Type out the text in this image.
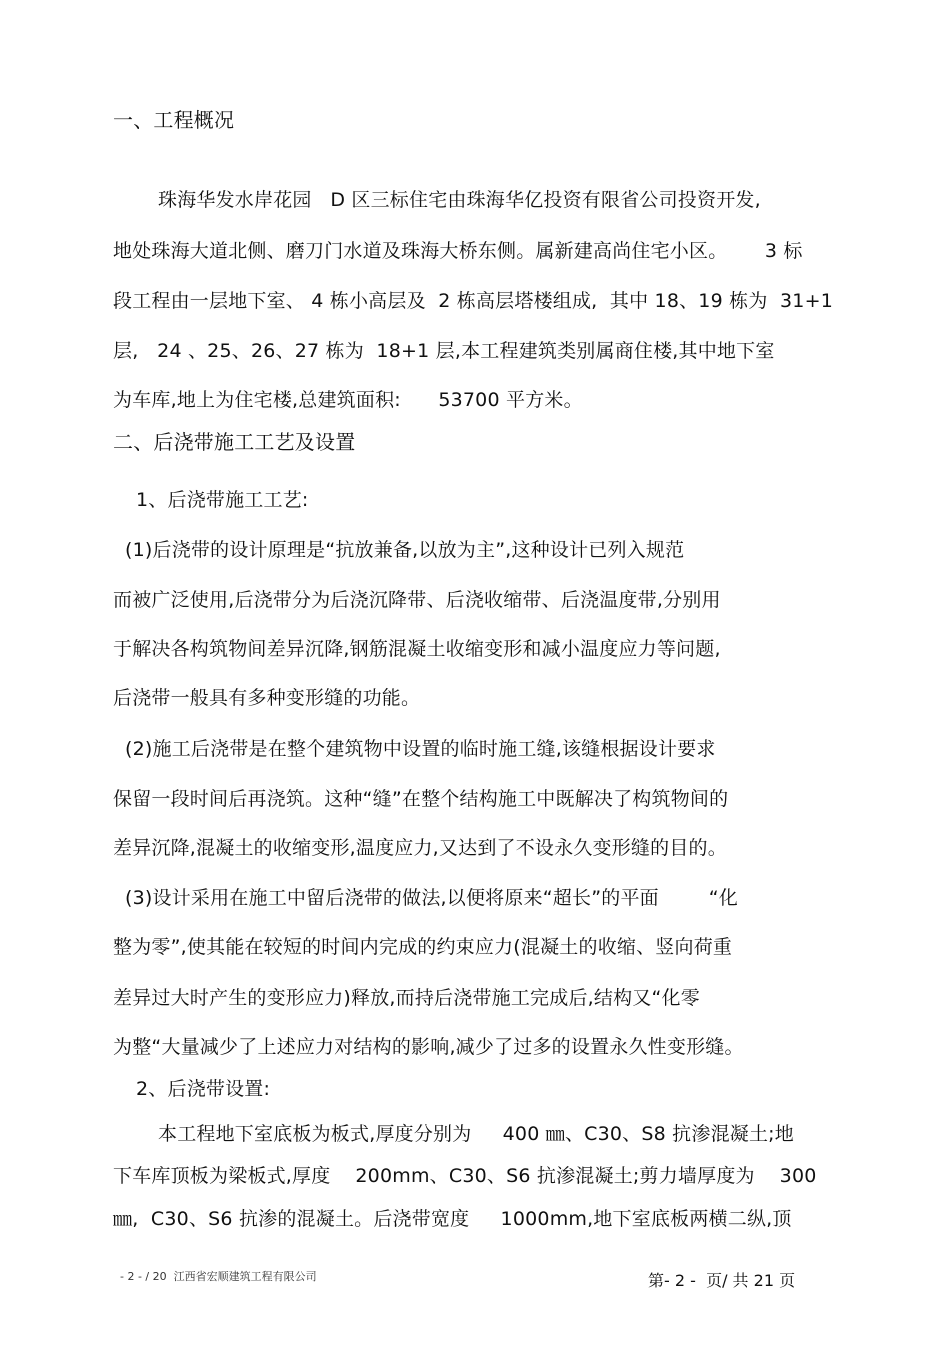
一、工程概况
珠海华发水岸花园   D 区三标住宅由珠海华亿投资有限省公司投资开发,
地处珠海大道北侧、磨刀门水道及珠海大桥东侧。属新建高尚住宅小区。      3 标
段工程由一层地下室、 4 栋小高层及  2 栋高层塔楼组成,  其中 18、19 栋为  31+1
层,   24 、25、26、27 栋为  18+1 层,本工程建筑类别属商住楼,其中地下室
为车库,地上为住宅楼,总建筑面积:      53700 平方米。
二、后浇带施工工艺及设置
1、后浇带施工工艺:
(1)后浇带的设计原理是“抗放兼备,以放为主”,这种设计已列入规范
而被广泛使用,后浇带分为后浇沉降带、后浇收缩带、后浇温度带,分别用
于解决各构筑物间差异沉降,钢筋混凝土收缩变形和减小温度应力等问题,
后浇带一般具有多种变形缝的功能。
(2)施工后浇带是在整个建筑物中设置的临时施工缝,该缝根据设计要求
保留一段时间后再浇筑。这种“缝”在整个结构施工中既解决了构筑物间的
差异沉降,混凝土的收缩变形,温度应力,又达到了不设永久变形缝的目的。
(3)设计采用在施工中留后浇带的做法,以便将原来“超长”的平面        “化
整为零”,使其能在较短的时间内完成的约束应力(混凝土的收缩、竖向荷重
差异过大时产生的变形应力)释放,而持后浇带施工完成后,结构又“化零
为整“大量减少了上述应力对结构的影响,减少了过多的设置永久性变形缝。
2、后浇带设置:
本工程地下室底板为板式,厚度分别为     400 ㎜、C30、S8 抗渗混凝土;地
下车库顶板为梁板式,厚度    200mm、C30、S6 抗渗混凝土;剪力墙厚度为    300
㎜,  C30、S6 抗渗的混凝土。后浇带宽度     1000mm,地下室底板两横二纵,顶
- 2 - / 20  江西省宏顺建筑工程有限公司	第- 2 -  页/ 共 21 页
